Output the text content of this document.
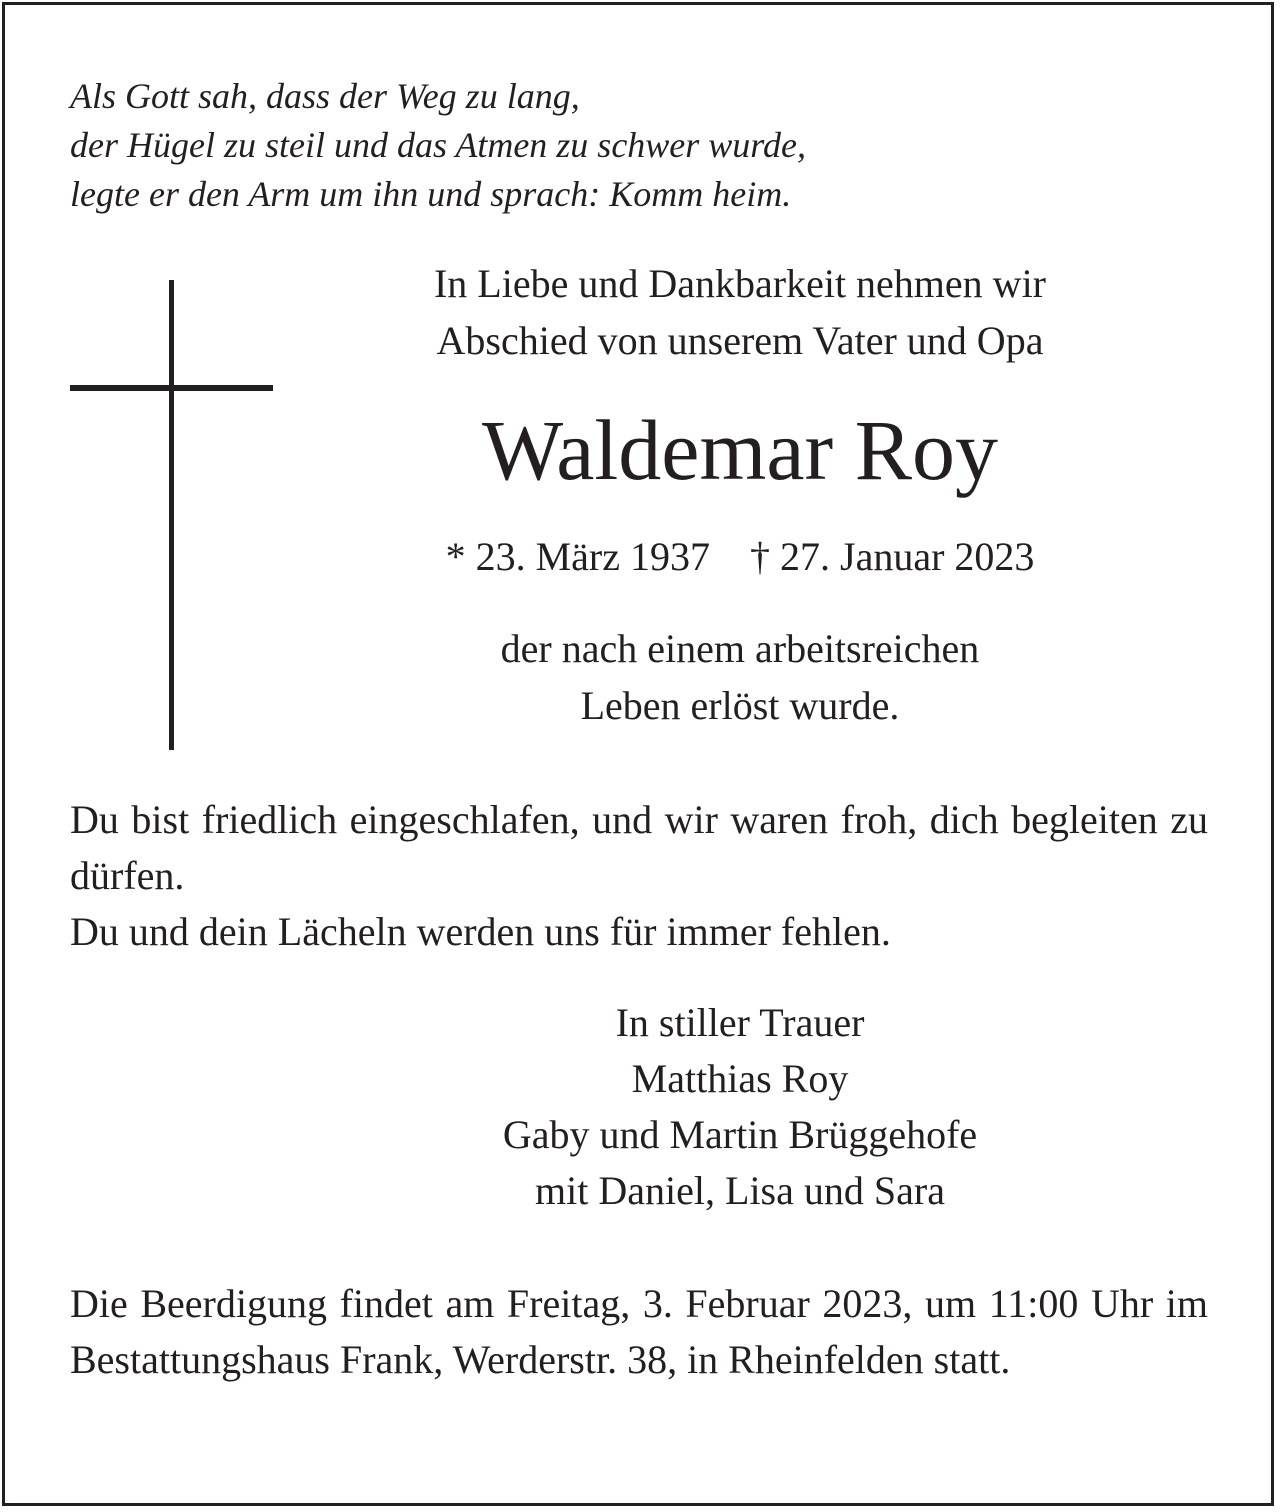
Als Gott sah, dass der Weg zu lang,
der Hügel zu steil und das Atmen zu schwer wurde,
legte er den Arm um ihn und sprach: Komm heim.
In Liebe und Dankbarkeit nehmen wir
Abschied von unserem Vater und Opa
Waldemar Roy
* 23. März 1937 † 27. Januar 2023
der nach einem arbeitsreichen
Leben erlöst wurde.

Du bist friedlich eingeschlafen, und wir waren froh, dich begleiten zu dürfen.

Du und dein Lächeln werden uns für immer fehlen.

In stiller Trauer
Matthias Roy
Gaby und Martin Brüggehofe
mit Daniel, Lisa und Sara
Die Beerdigung findet am Freitag, 3. Februar 2023, um 11:00 Uhr im Bestattungshaus Frank, Werderstr. 38, in Rheinfelden statt.
